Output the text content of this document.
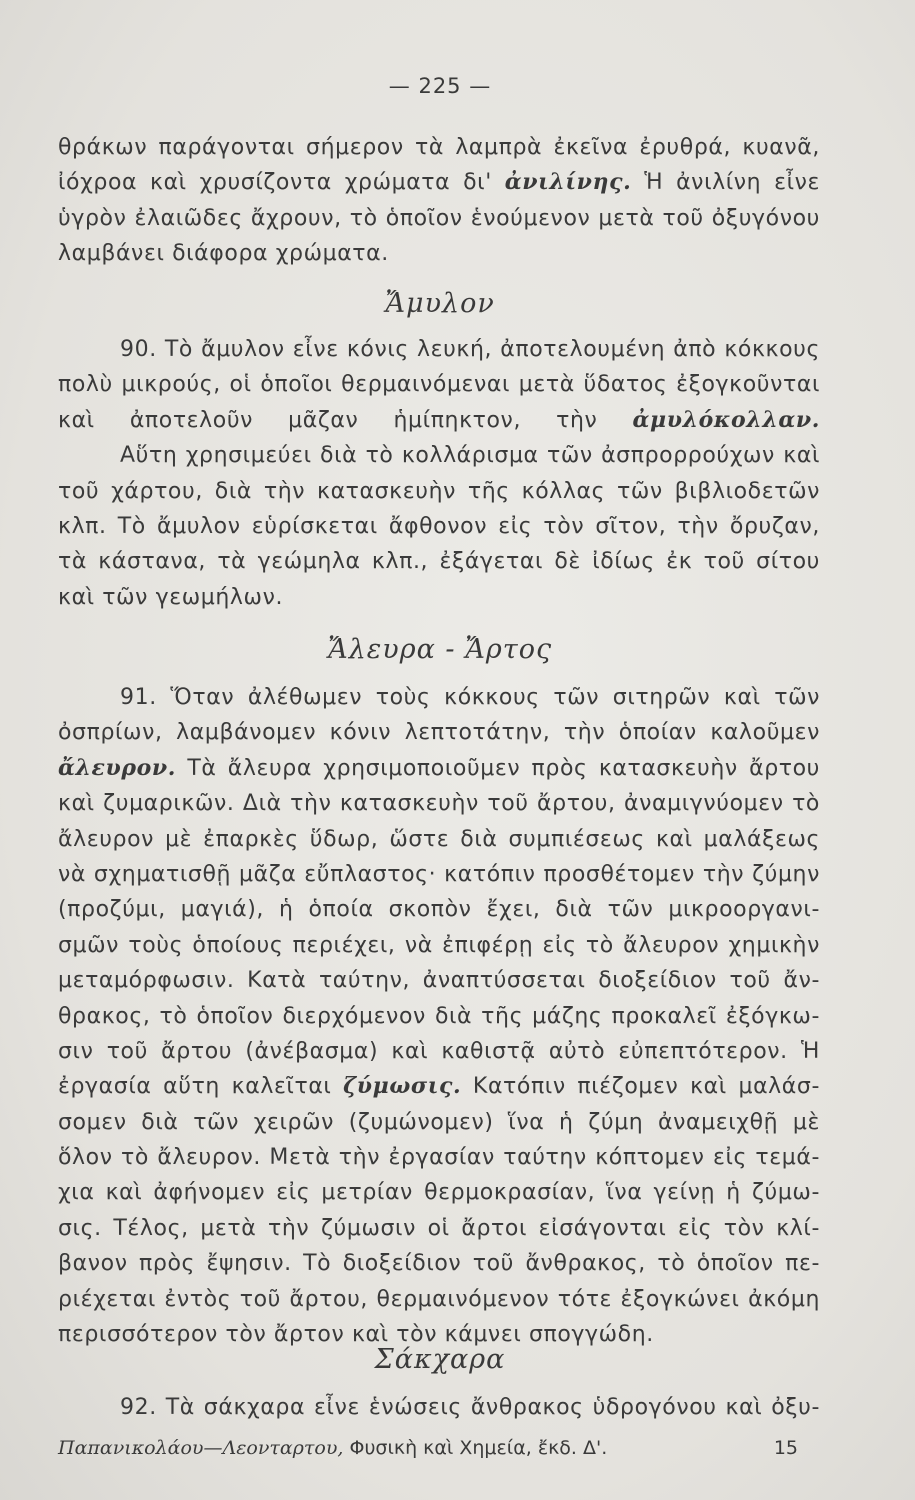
— 225 —
θράκων παράγονται σήμερον τὰ λαμπρὰ ἐκεῖνα ἐρυθρά, κυανᾶ,
ἰόχροα καὶ χρυσίζοντα χρώματα δι' ἀνιλίνης. Ἡ ἀνιλίνη εἶνε
ὑγρὸν ἐλαιῶδες ἄχρουν, τὸ ὁποῖον ἑνούμενον μετὰ τοῦ ὀξυγόνου
λαμβάνει διάφορα χρώματα.
Ἄμυλον
90. Τὸ ἄμυλον εἶνε κόνις λευκή, ἀποτελουμένη ἀπὸ κόκκους
πολὺ μικρούς, οἱ ὁποῖοι θερμαινόμεναι μετὰ ὕδατος ἐξογκοῦνται
καὶ ἀποτελοῦν μᾶζαν ἡμίπηκτον, τὴν ἀμυλόκολλαν.
Αὕτη χρησιμεύει διὰ τὸ κολλάρισμα τῶν ἀσπρορρούχων καὶ
τοῦ χάρτου, διὰ τὴν κατασκευὴν τῆς κόλλας τῶν βιβλιοδετῶν
κλπ. Τὸ ἄμυλον εὑρίσκεται ἄφθονον εἰς τὸν σῖτον, τὴν ὄρυζαν,
τὰ κάστανα, τὰ γεώμηλα κλπ., ἐξάγεται δὲ ἰδίως ἐκ τοῦ σίτου
καὶ τῶν γεωμήλων.
Ἄλευρα - Ἄρτος
91. Ὅταν ἀλέθωμεν τοὺς κόκκους τῶν σιτηρῶν καὶ τῶν
ὀσπρίων, λαμβάνομεν κόνιν λεπτοτάτην, τὴν ὁποίαν καλοῦμεν
ἄλευρον. Τὰ ἄλευρα χρησιμοποιοῦμεν πρὸς κατασκευὴν ἄρτου
καὶ ζυμαρικῶν. Διὰ τὴν κατασκευὴν τοῦ ἄρτου, ἀναμιγνύομεν τὸ
ἄλευρον μὲ ἐπαρκὲς ὕδωρ, ὥστε διὰ συμπιέσεως καὶ μαλάξεως
νὰ σχηματισθῇ μᾶζα εὔπλαστος· κατόπιν προσθέτομεν τὴν ζύμην
(προζύμι, μαγιά), ἡ ὁποία σκοπὸν ἔχει, διὰ τῶν μικροοργανι-
σμῶν τοὺς ὁποίους περιέχει, νὰ ἐπιφέρῃ εἰς τὸ ἄλευρον χημικὴν
μεταμόρφωσιν. Κατὰ ταύτην, ἀναπτύσσεται διοξείδιον τοῦ ἄν-
θρακος, τὸ ὁποῖον διερχόμενον διὰ τῆς μάζης προκαλεῖ ἐξόγκω-
σιν τοῦ ἄρτου (ἀνέβασμα) καὶ καθιστᾷ αὐτὸ εὐπεπτότερον. Ἡ
ἐργασία αὕτη καλεῖται ζύμωσις. Κατόπιν πιέζομεν καὶ μαλάσ-
σομεν διὰ τῶν χειρῶν (ζυμώνομεν) ἵνα ἡ ζύμη ἀναμειχθῇ μὲ
ὅλον τὸ ἄλευρον. Μετὰ τὴν ἐργασίαν ταύτην κόπτομεν εἰς τεμά-
χια καὶ ἀφήνομεν εἰς μετρίαν θερμοκρασίαν, ἵνα γείνῃ ἡ ζύμω-
σις. Τέλος, μετὰ τὴν ζύμωσιν οἱ ἄρτοι εἰσάγονται εἰς τὸν κλί-
βανον πρὸς ἔψησιν. Τὸ διοξείδιον τοῦ ἄνθρακος, τὸ ὁποῖον πε-
ριέχεται ἐντὸς τοῦ ἄρτου, θερμαινόμενον τότε ἐξογκώνει ἀκόμη
περισσότερον τὸν ἄρτον καὶ τὸν κάμνει σπογγώδη.
Σάκχαρα
92. Τὰ σάκχαρα εἶνε ἑνώσεις ἄνθρακος ὑδρογόνου καὶ ὀξυ-
Παπανικολάου—Λεονταρτου, Φυσικὴ καὶ Χημεία, ἔκδ. Δ'.	15
